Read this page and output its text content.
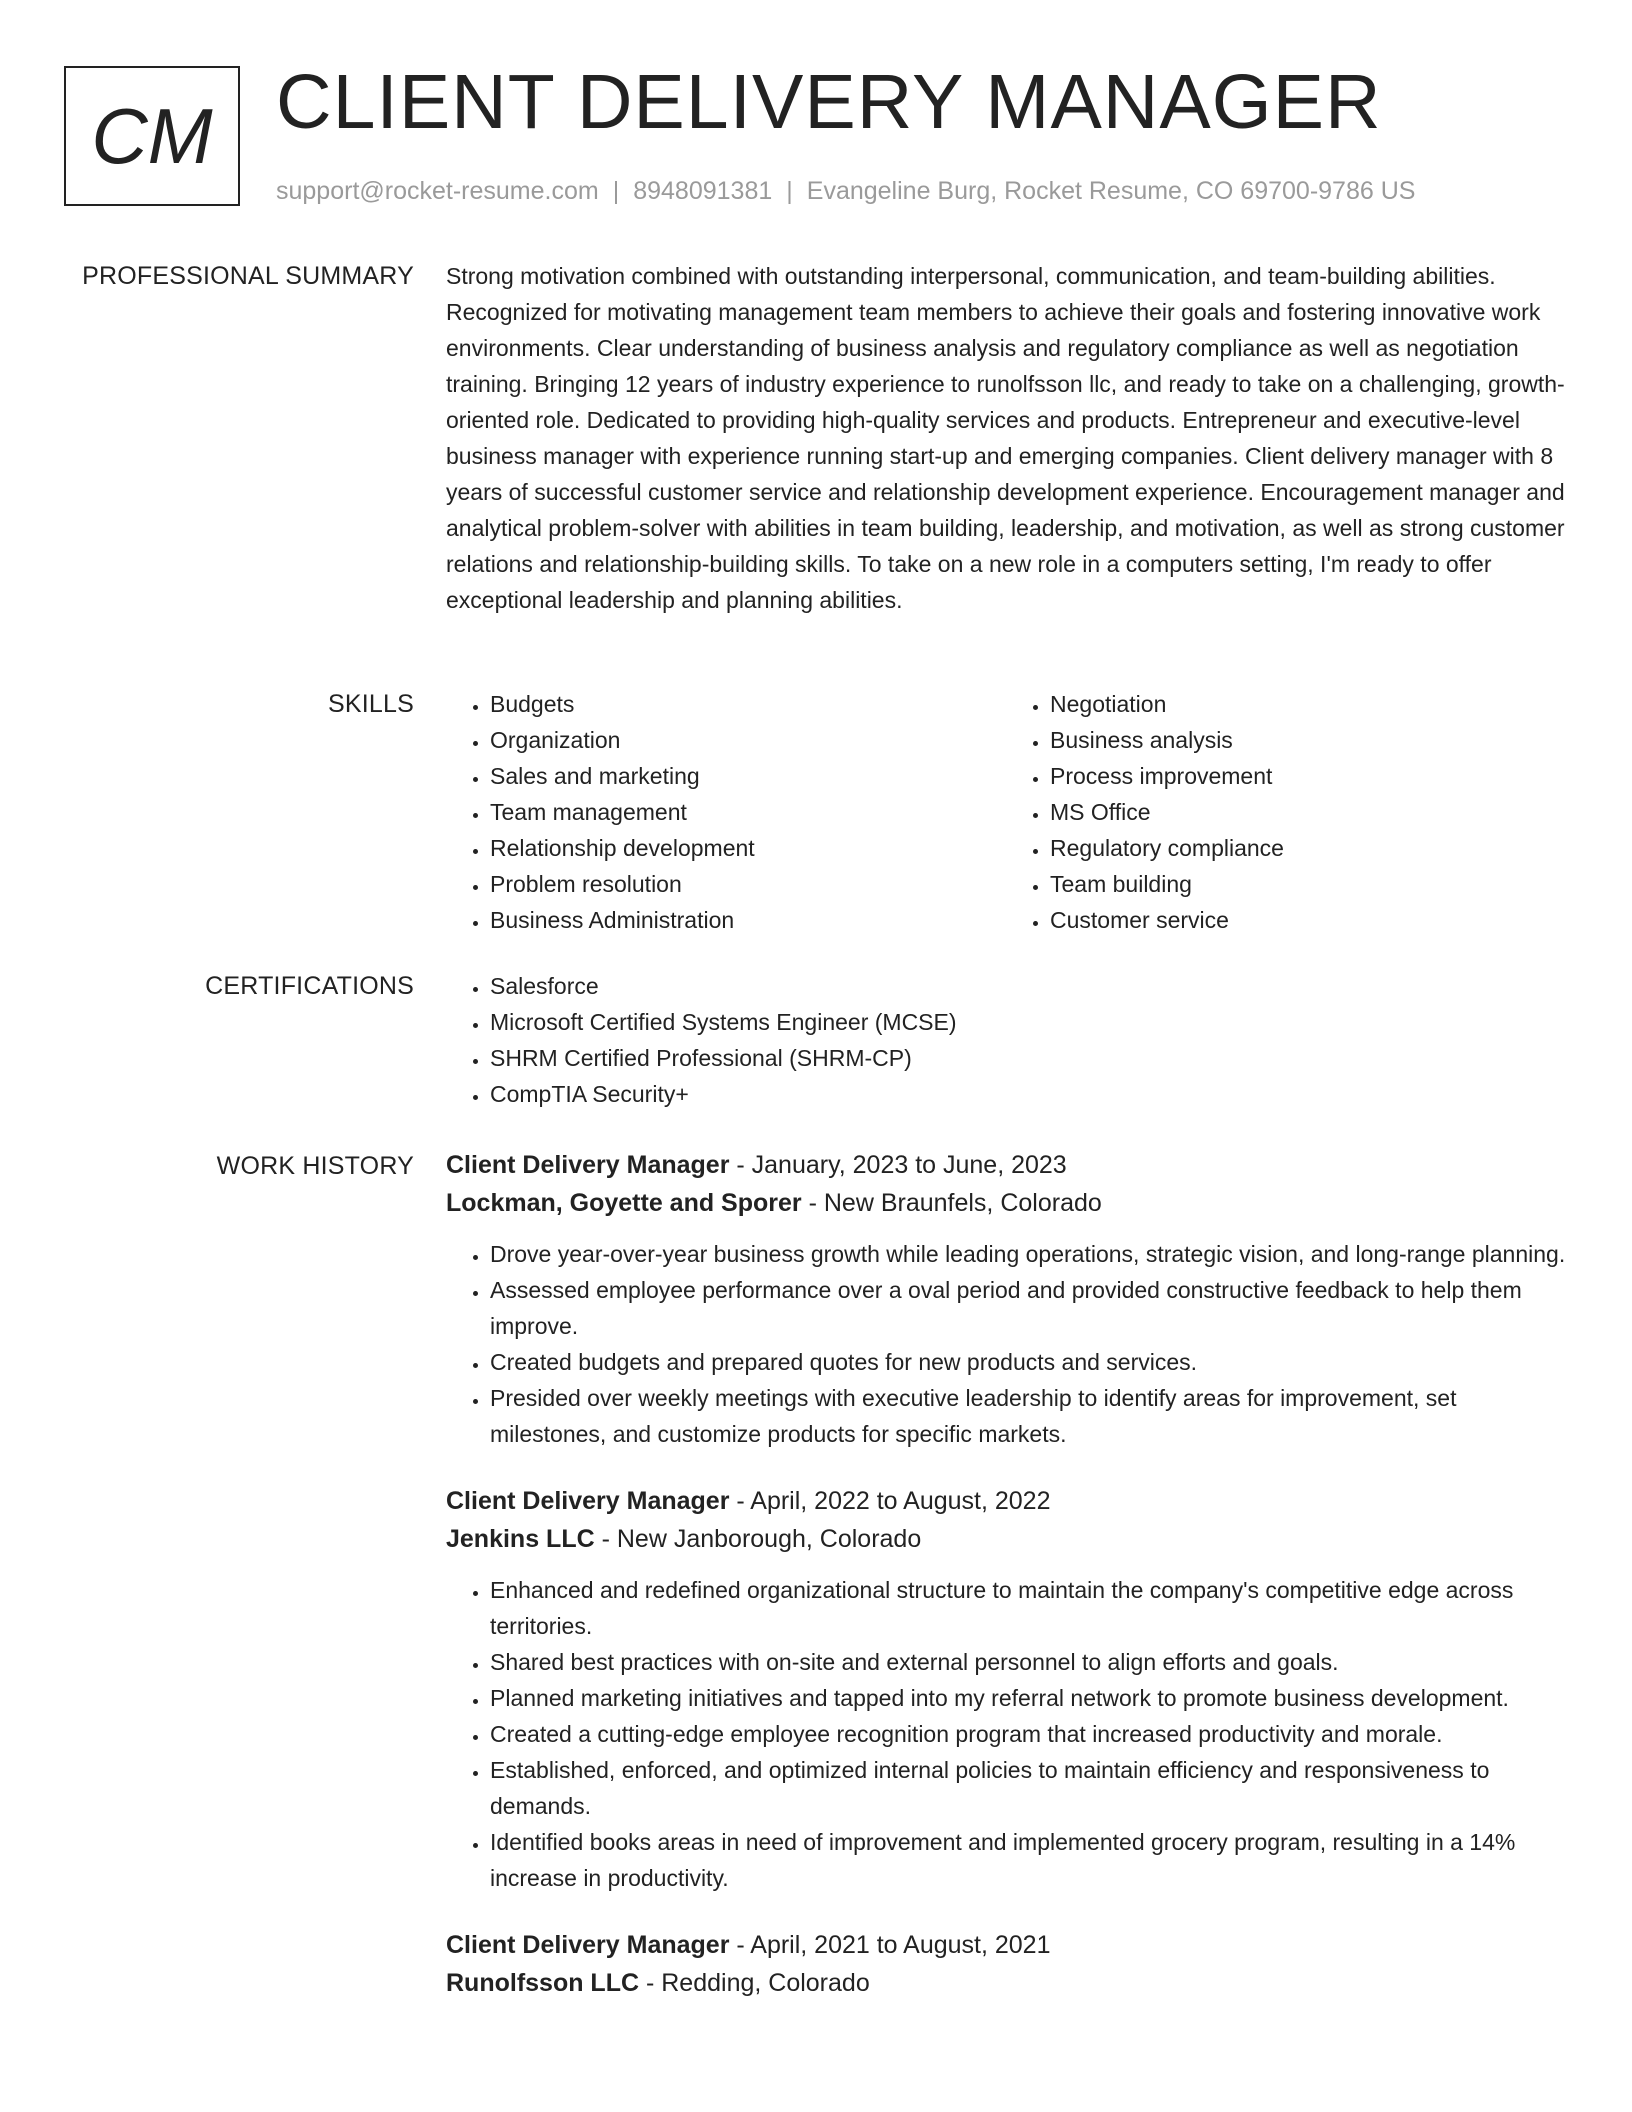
CM CLIENT DELIVERY MANAGER
support@rocket-resume.com | 8948091381 | Evangeline Burg, Rocket Resume, CO 69700-9786 US
PROFESSIONAL SUMMARY Strong motivation combined with outstanding interpersonal, communication, and team-building abilities. Recognized for motivating management team members to achieve their goals and fostering innovative work environments. Clear understanding of business analysis and regulatory compliance as well as negotiation training. Bringing 12 years of industry experience to runolfsson llc, and ready to take on a challenging, growth-oriented role. Dedicated to providing high-quality services and products. Entrepreneur and executive-level business manager with experience running start-up and emerging companies. Client delivery manager with 8 years of successful customer service and relationship development experience. Encouragement manager and analytical problem-solver with abilities in team building, leadership, and motivation, as well as strong customer relations and relationship-building skills. To take on a new role in a computers setting, I'm ready to offer exceptional leadership and planning abilities.

SKILLS	• Budgets
• Organization
• Sales and marketing
• Team management
• Relationship development
• Problem resolution
• Business Administration
• Negotiation
• Business analysis
• Process improvement
• MS Office
• Regulatory compliance
• Team building
• Customer service
CERTIFICATIONS	• Salesforce
• Microsoft Certified Systems Engineer (MCSE)
• SHRM Certified Professional (SHRM-CP)
• CompTIA Security+
WORK HISTORY Client Delivery Manager - January, 2023 to June, 2023
Lockman, Goyette and Sporer - New Braunfels, Colorado
• Drove year-over-year business growth while leading operations, strategic vision, and long-range planning.
• Assessed employee performance over a oval period and provided constructive feedback to help them improve.
• Created budgets and prepared quotes for new products and services.
• Presided over weekly meetings with executive leadership to identify areas for improvement, set milestones, and customize products for specific markets.
Client Delivery Manager - April, 2022 to August, 2022
Jenkins LLC - New Janborough, Colorado
• Enhanced and redefined organizational structure to maintain the company's competitive edge across territories.
• Shared best practices with on-site and external personnel to align efforts and goals.
• Planned marketing initiatives and tapped into my referral network to promote business development.
• Created a cutting-edge employee recognition program that increased productivity and morale.
• Established, enforced, and optimized internal policies to maintain efficiency and responsiveness to demands.
• Identified books areas in need of improvement and implemented grocery program, resulting in a 14% increase in productivity.
Client Delivery Manager - April, 2021 to August, 2021
Runolfsson LLC - Redding, Colorado
